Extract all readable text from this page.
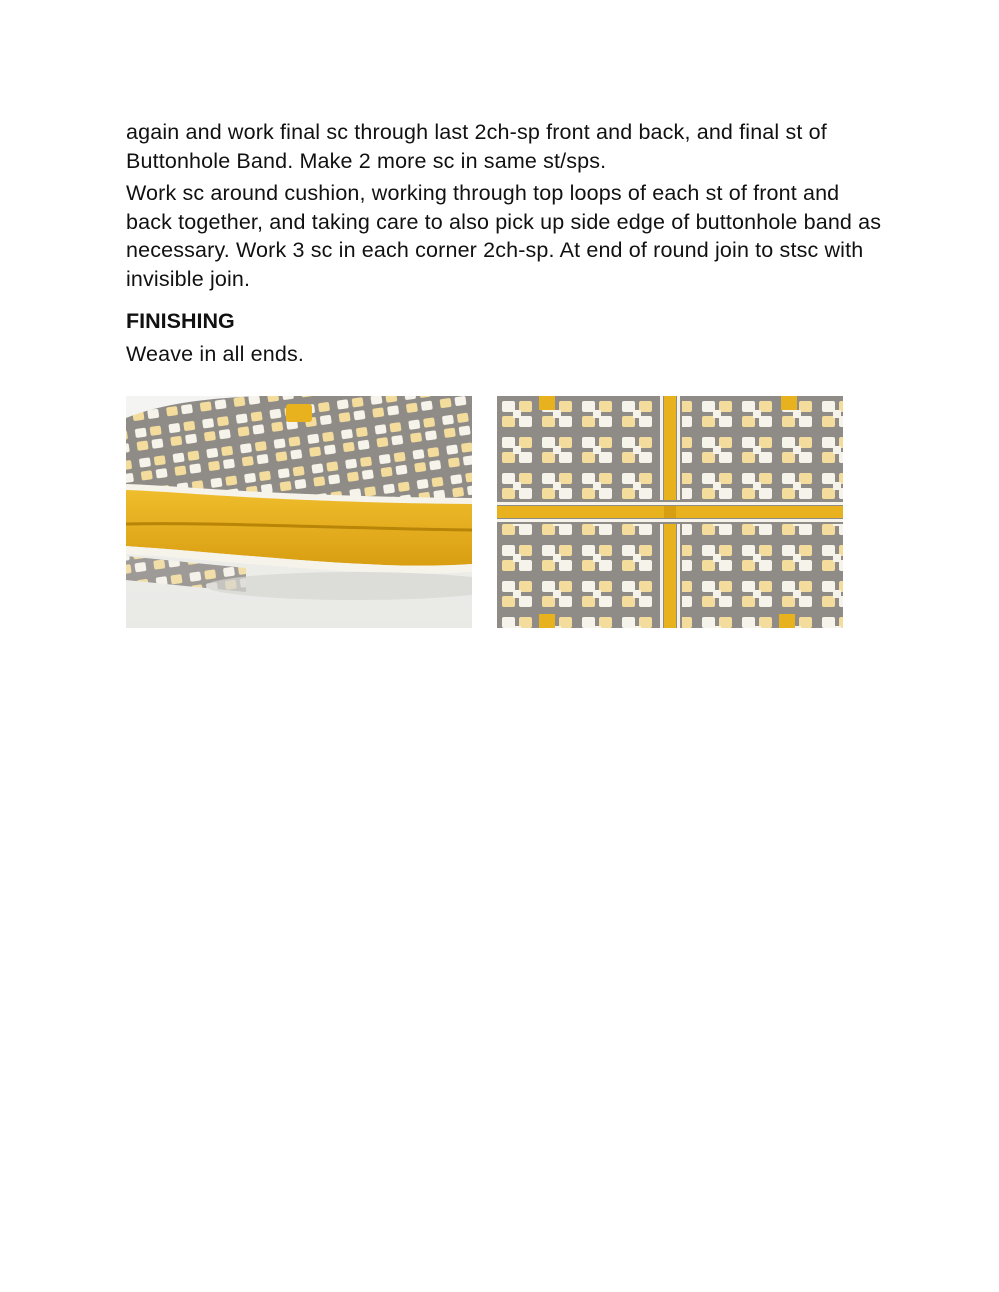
again and work final sc through last 2ch-sp front and back, and final st of Buttonhole Band. Make 2 more sc in same st/sps.

Work sc around cushion, working through top loops of each st of front and back together, and taking care to also pick up side edge of buttonhole band as necessary. Work 3 sc in each corner 2ch-sp. At end of round join to stsc with invisible join.

FINISHING

Weave in all ends.
